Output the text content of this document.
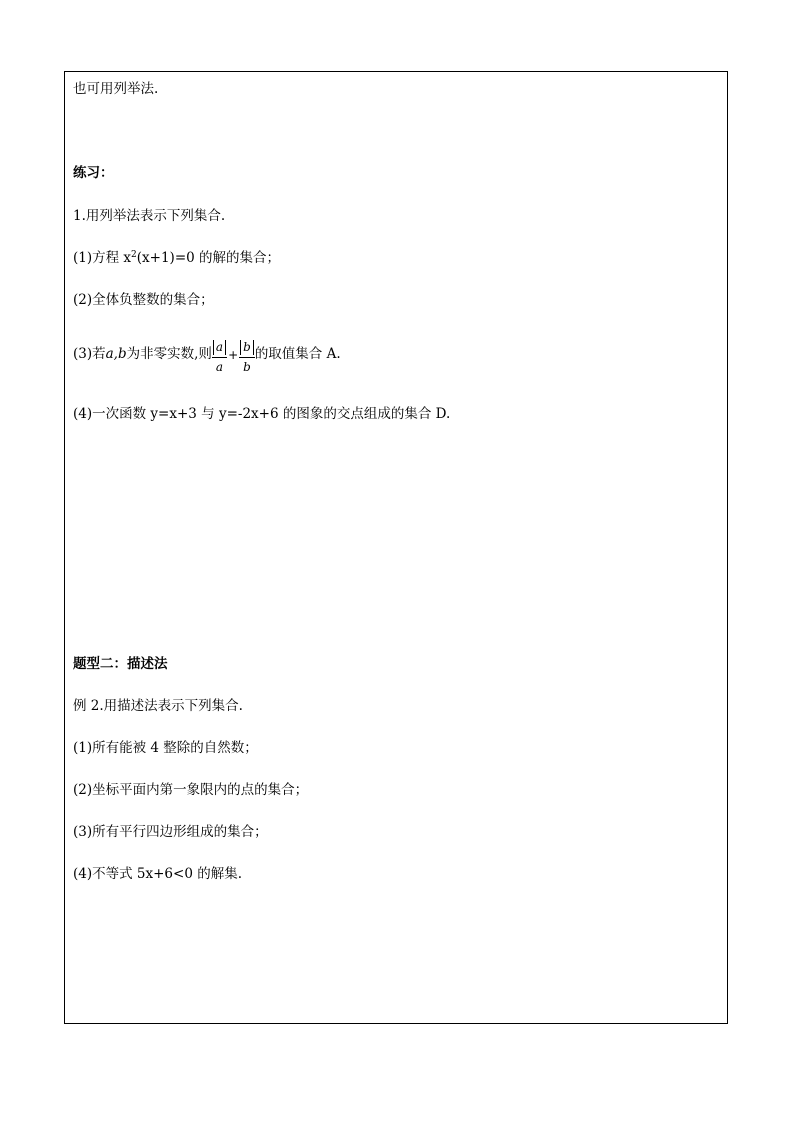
也可用列举法.
练习：
1.用列举法表示下列集合.
(1)方程 $x^2(x+1)=0$ 的解的集合；
(2)全体负整数的集合；
(3)若a,b为非零实数,则 $\frac{a}{a} + \frac{b}{b}$ 的取值集合 A.
(4)一次函数 y=x+3 与 y=-2x+6 的图象的交点组成的集合 D.
题型二：描述法
例 2.用描述法表示下列集合.
(1)所有能被 4 整除的自然数；
(2)坐标平面内第一象限内的点的集合；
(3)所有平行四边形组成的集合；
(4)不等式 5x+6<0 的解集.
